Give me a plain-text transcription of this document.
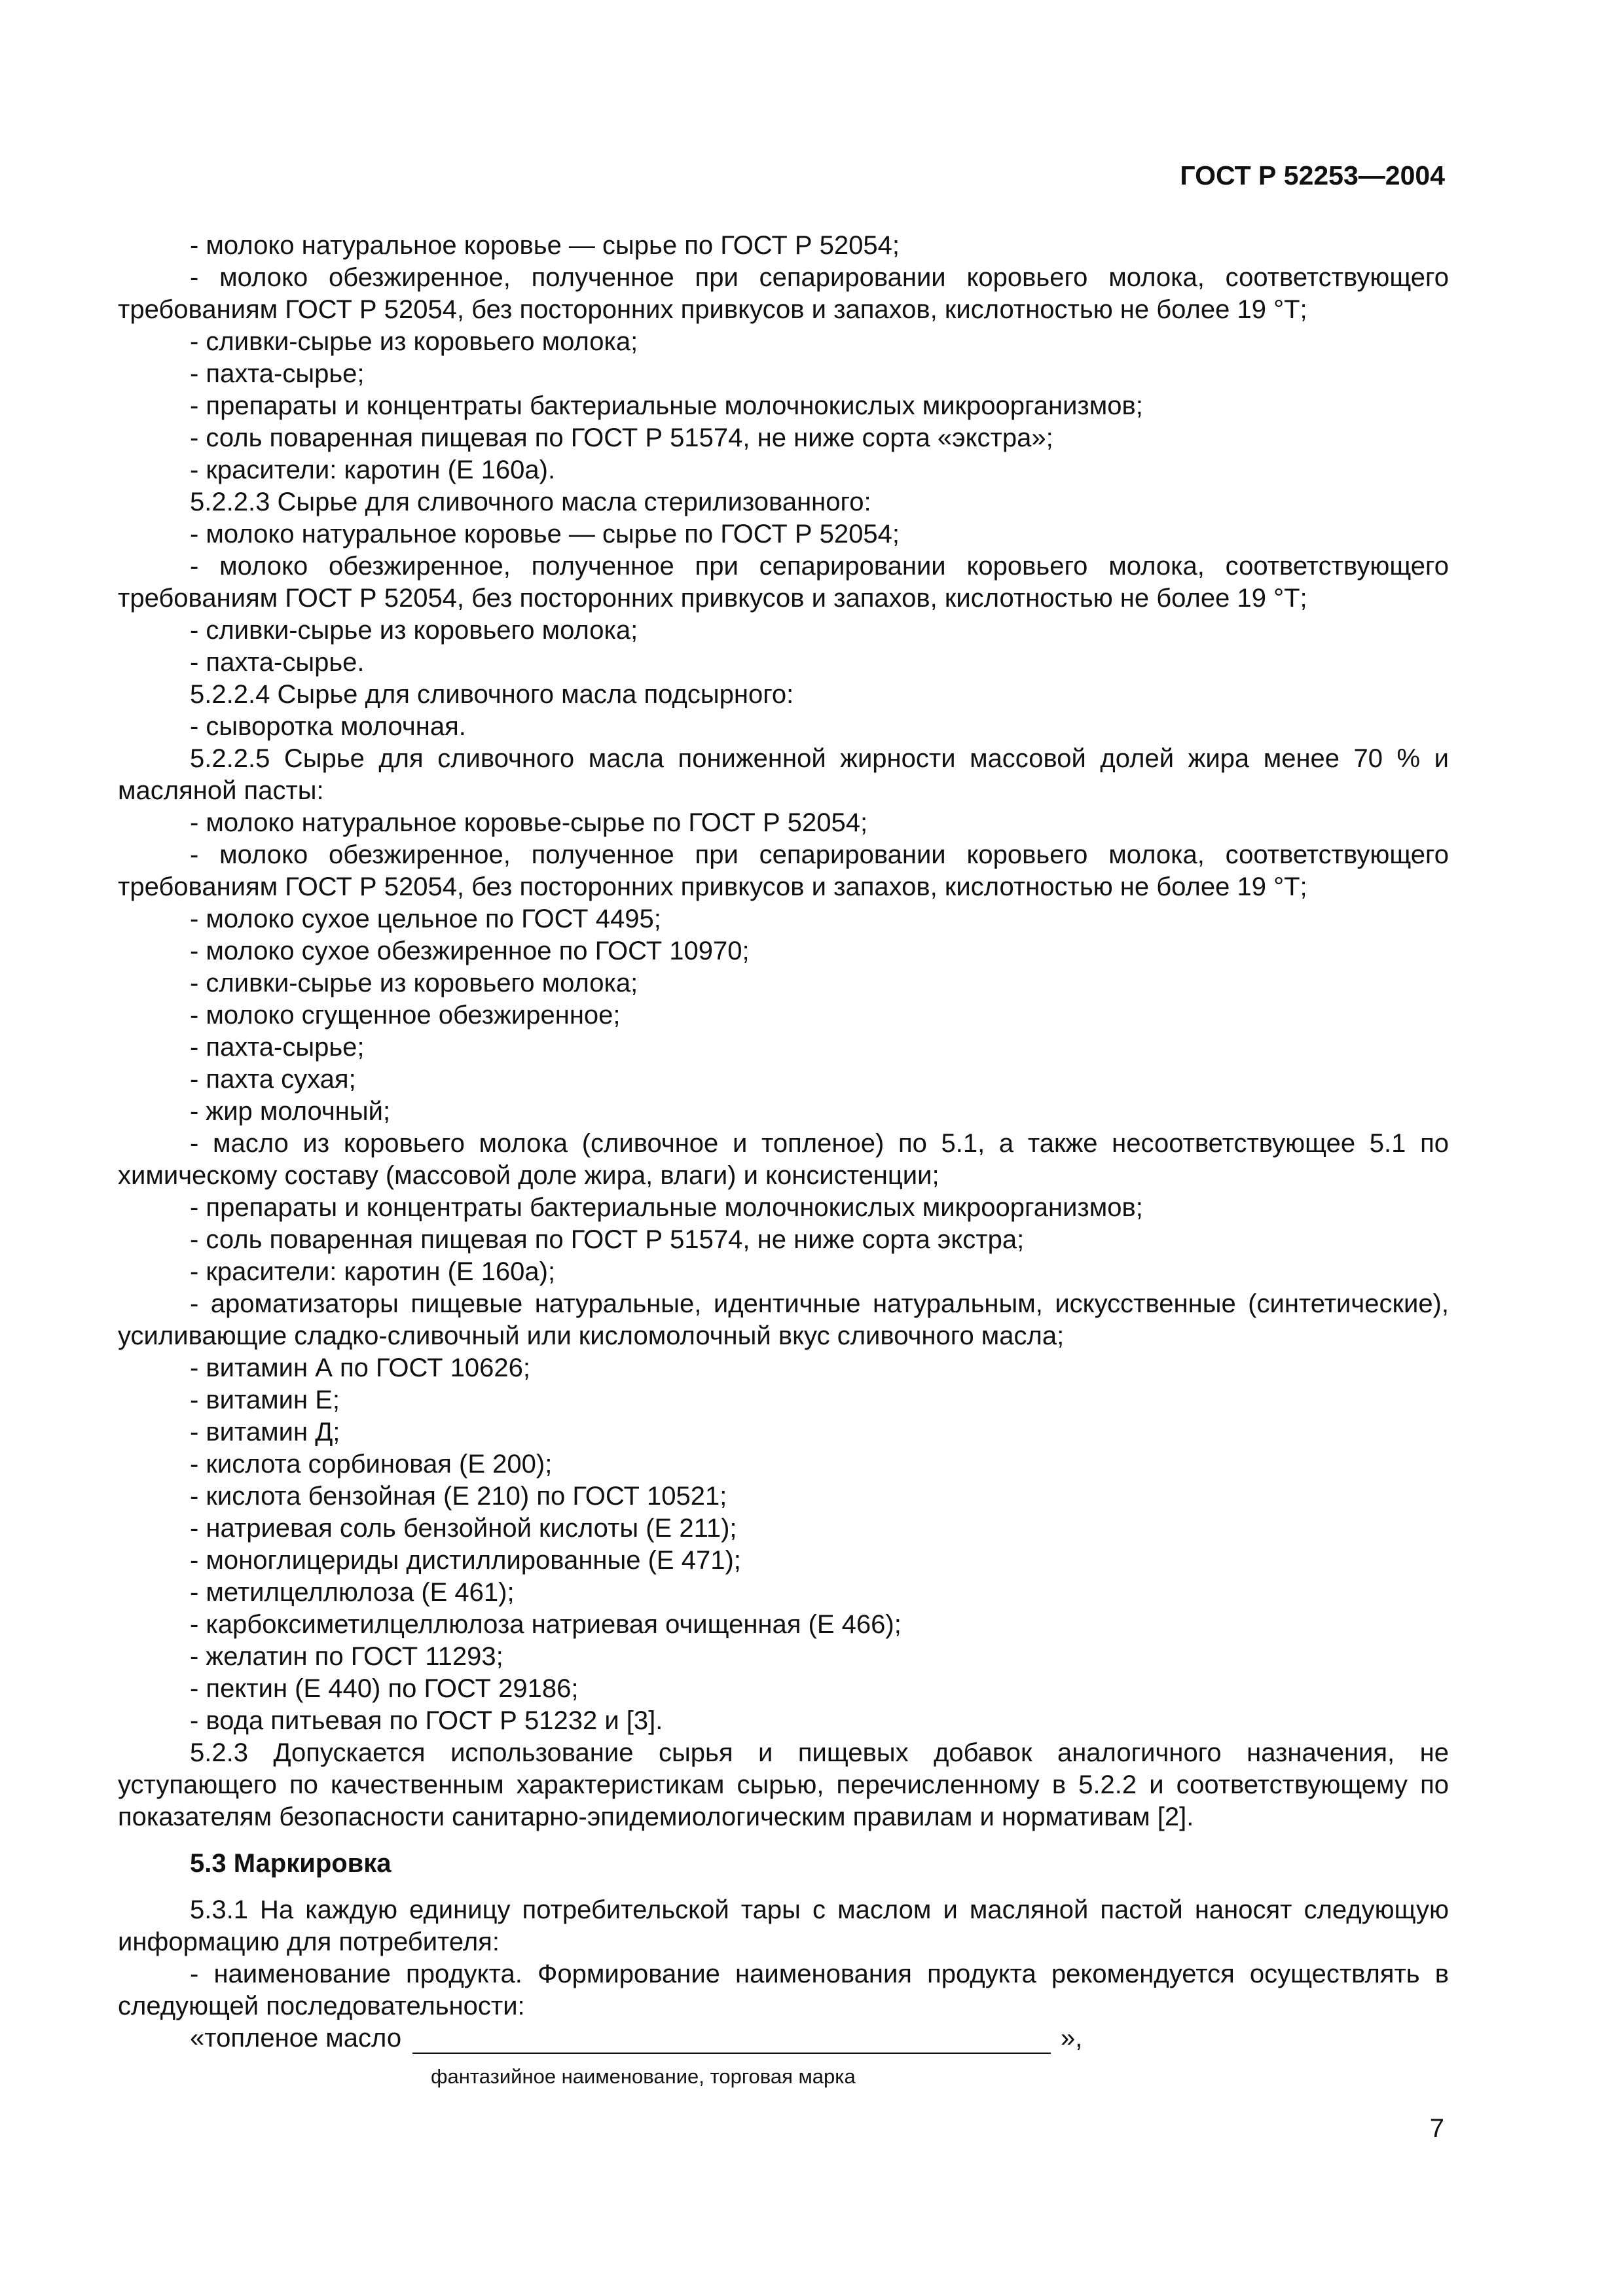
ГОСТ Р 52253—2004

- молоко натуральное коровье — сырье по ГОСТ Р 52054;

- молоко обезжиренное, полученное при сепарировании коровьего молока, соответствующего требованиям ГОСТ Р 52054, без посторонних привкусов и запахов, кислотностью не более 19 °Т;

- сливки-сырье из коровьего молока;

- пахта-сырье;

- препараты и концентраты бактериальные молочнокислых микроорганизмов;

- соль поваренная пищевая по ГОСТ Р 51574, не ниже сорта «экстра»;

- красители: каротин (Е 160а).

5.2.2.3 Сырье для сливочного масла стерилизованного:

- молоко натуральное коровье — сырье по ГОСТ Р 52054;

- молоко обезжиренное, полученное при сепарировании коровьего молока, соответствующего требованиям ГОСТ Р 52054, без посторонних привкусов и запахов, кислотностью не более 19 °Т;

- сливки-сырье из коровьего молока;

- пахта-сырье.

5.2.2.4 Сырье для сливочного масла подсырного:

- сыворотка молочная.

5.2.2.5 Сырье для сливочного масла пониженной жирности массовой долей жира менее 70 % и масляной пасты:

- молоко натуральное коровье-сырье по ГОСТ Р 52054;

- молоко обезжиренное, полученное при сепарировании коровьего молока, соответствующего требованиям ГОСТ Р 52054, без посторонних привкусов и запахов, кислотностью не более 19 °Т;

- молоко сухое цельное по ГОСТ 4495;

- молоко сухое обезжиренное по ГОСТ 10970;

- сливки-сырье из коровьего молока;

- молоко сгущенное обезжиренное;

- пахта-сырье;

- пахта сухая;

- жир молочный;

- масло из коровьего молока (сливочное и топленое) по 5.1, а также несоответствующее 5.1 по химическому составу (массовой доле жира, влаги) и консистенции;

- препараты и концентраты бактериальные молочнокислых микроорганизмов;

- соль поваренная пищевая по ГОСТ Р 51574, не ниже сорта экстра;

- красители: каротин (Е 160а);

- ароматизаторы пищевые натуральные, идентичные натуральным, искусственные (синтетические), усиливающие сладко-сливочный или кисломолочный вкус сливочного масла;

- витамин А по ГОСТ 10626;

- витамин Е;

- витамин Д;

- кислота сорбиновая (Е 200);

- кислота бензойная (Е 210) по ГОСТ 10521;

- натриевая соль бензойной кислоты (Е 211);

- моноглицериды дистиллированные (Е 471);

- метилцеллюлоза (Е 461);

- карбоксиметилцеллюлоза натриевая очищенная (Е 466);

- желатин по ГОСТ 11293;

- пектин (Е 440) по ГОСТ 29186;

- вода питьевая по ГОСТ Р 51232 и [3].

5.2.3 Допускается использование сырья и пищевых добавок аналогичного назначения, не уступающего по качественным характеристикам сырью, перечисленному в 5.2.2 и соответствующему по показателям безопасности санитарно-эпидемиологическим правилам и нормативам [2].

5.3 Маркировка

5.3.1 На каждую единицу потребительской тары с маслом и масляной пастой наносят следующую информацию для потребителя:

- наименование продукта. Формирование наименования продукта рекомендуется осуществлять в следующей последовательности:

«топленое масло	»,
фантазийное наименование, торговая марка
7
